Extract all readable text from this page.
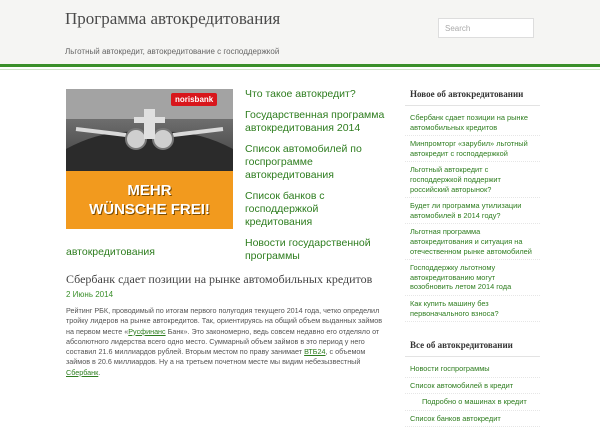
Программа автокредитования
Льготный автокредит, автокредитование с господдержкой
Search
norisbank
MEHR
WÜNSCHE FREI!
Что такое автокредит?
Государственная программа автокредитования 2014
Список автомобилей по госпрограмме автокредитования
Список банков с господдержкой кредитования
Новости государственной программы
автокредитования
Сбербанк сдает позиции на рынке автомобильных кредитов
2 Июнь 2014
Рейтинг РБК, проводимый по итогам первого полугодия текущего 2014 года, четко определил тройку лидеров на рынке автокредитов. Так, ориентируясь на общий объем выданных займов на первом месте «Русфинанс Банк». Это закономерно, ведь совсем недавно его отделяло от абсолютного лидерства всего одно место. Суммарный объем займов в это период у него составил 21.6 миллиардов рублей. Вторым местом по праву занимает ВТБ24, с объемом займов в 20.6 миллиардов. Ну а на третьем почетном месте мы видим небезызвестный Сбербанк.
Новое об автокредитовании
Сбербанк сдает позиции на рынке автомобильных кредитов
Минпромторг «зарубил» льготный автокредит с господдержкой
Льготный автокредит с господдержкой поддержит российский авторынок?
Будет ли программа утилизации автомобилей в 2014 году?
Льготная программа автокредитования и ситуация на отечественном рынке автомобилей
Господдержку льготному автокредитованию могут возобновить летом 2014 года
Как купить машину без первоначального взноса?
Все об автокредитовании
Новости госпрограммы
Список автомобилей в кредит
Подробно о машинах в кредит
Список банков автокредит
